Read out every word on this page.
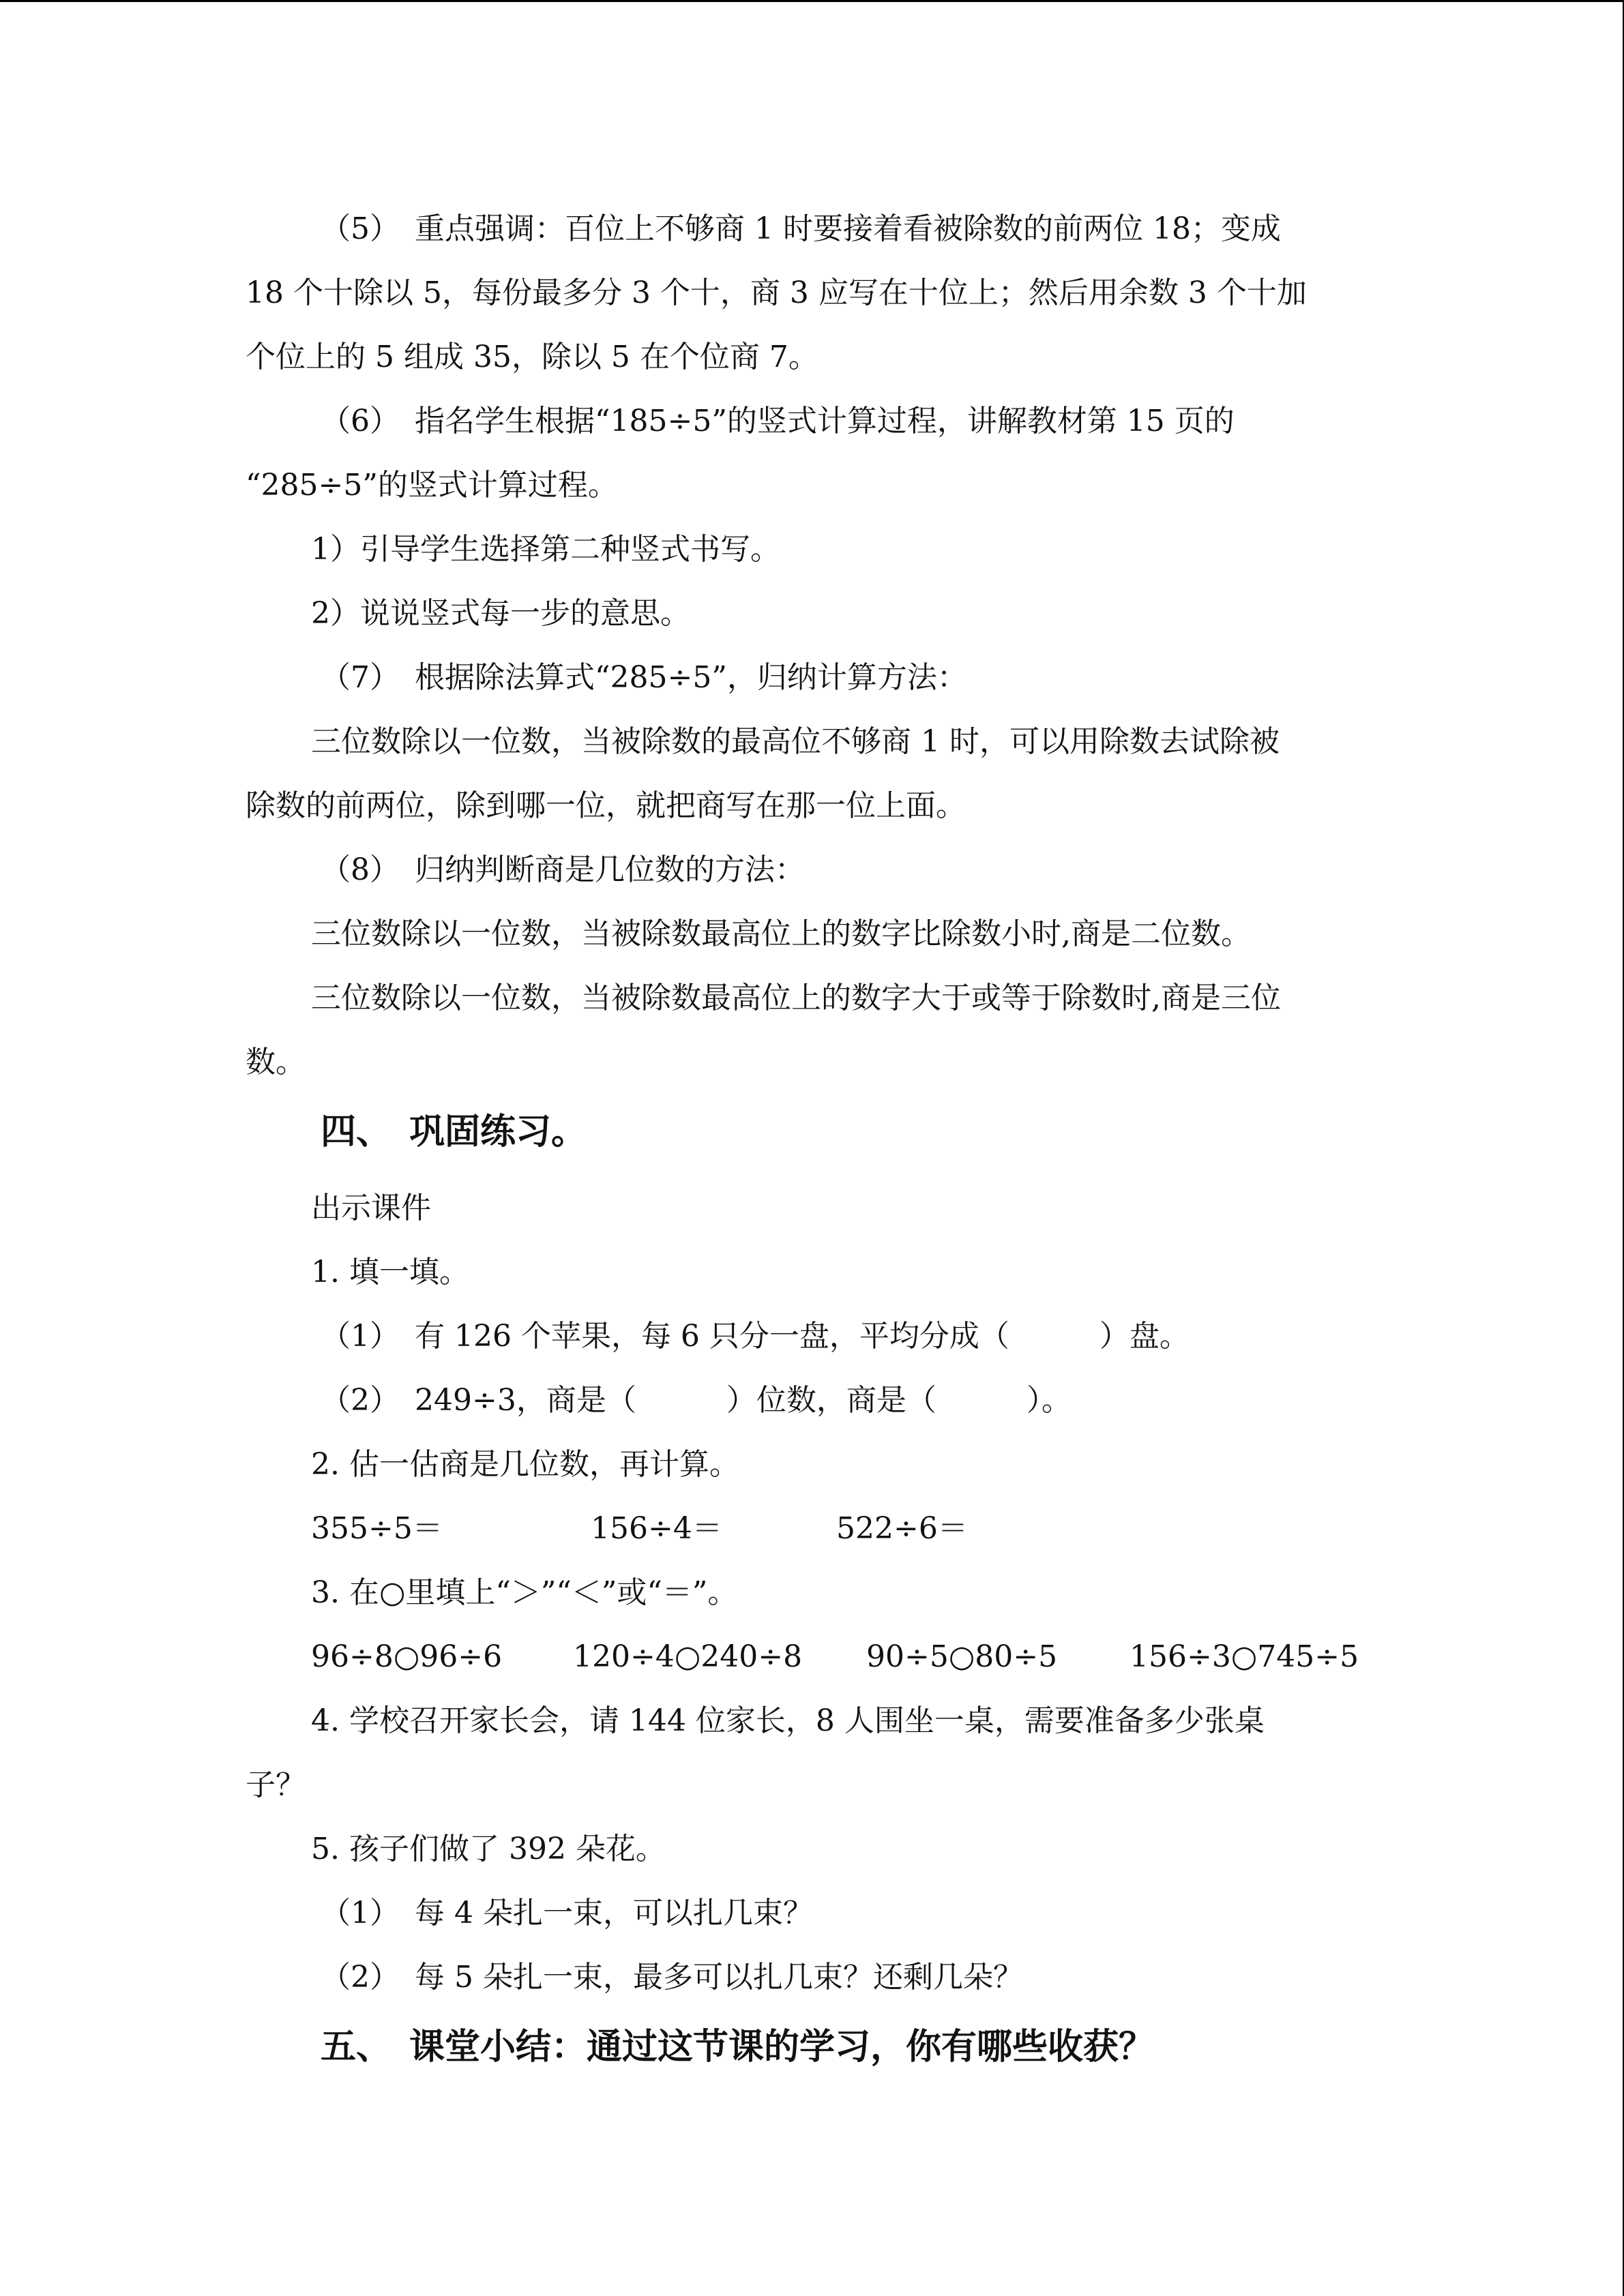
（5）　重点强调：百位上不够商 1 时要接着看被除数的前两位 18；变成
18 个十除以 5，每份最多分 3 个十，商 3 应写在十位上；然后用余数 3 个十加
个位上的 5 组成 35，除以 5 在个位商 7。
（6）　指名学生根据“185÷5”的竖式计算过程，讲解教材第 15 页的
“285÷5”的竖式计算过程。
1）引导学生选择第二种竖式书写。
2）说说竖式每一步的意思。
（7）　根据除法算式“285÷5”，归纳计算方法：
三位数除以一位数，当被除数的最高位不够商 1 时，可以用除数去试除被
除数的前两位，除到哪一位，就把商写在那一位上面。
（8）　归纳判断商是几位数的方法：
三位数除以一位数，当被除数最高位上的数字比除数小时,商是二位数。
三位数除以一位数，当被除数最高位上的数字大于或等于除数时,商是三位
数。
四、　巩固练习。
出示课件
1. 填一填。
（1）　有 126 个苹果，每 6 只分一盘，平均分成（　　　）盘。
（2）　249÷3，商是（　　　）位数，商是（　　　）。
2. 估一估商是几位数，再计算。
355÷5＝	156÷4＝	522÷6＝
3. 在○里填上“＞”“＜”或“＝”。
96÷8○96÷6 120÷4○240÷8 90÷5○80÷5 156÷3○745÷5
4. 学校召开家长会，请 144 位家长，8 人围坐一桌，需要准备多少张桌
子？
5. 孩子们做了 392 朵花。
（1）　每 4 朵扎一束，可以扎几束？
（2）　每 5 朵扎一束，最多可以扎几束？还剩几朵？
五、　课堂小结：通过这节课的学习，你有哪些收获？
